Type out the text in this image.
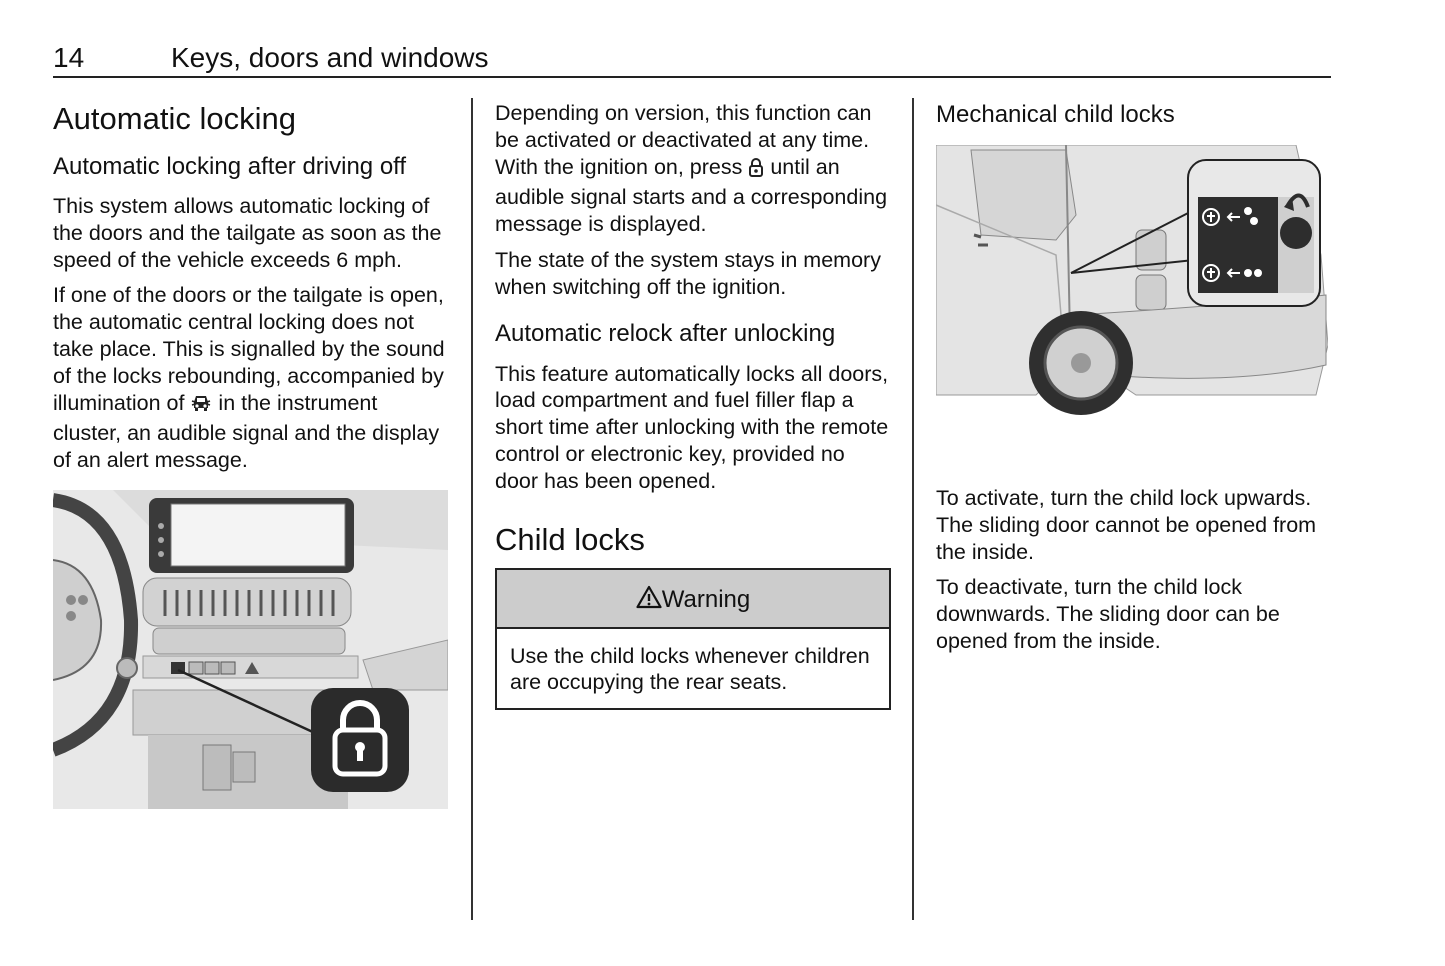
14	Keys, doors and windows
Automatic locking
Automatic locking after driving off

This system allows automatic locking of the doors and the tailgate as soon as the speed of the vehicle exceeds 6 mph.

If one of the doors or the tailgate is open, the automatic central locking does not take place. This is signalled by the sound of the locks rebounding, accompanied by illumination of  in the instrument cluster, an audible signal and the display of an alert message.

Depending on version, this function can be activated or deactivated at any time. With the ignition on, press  until an audible signal starts and a corresponding message is displayed.

The state of the system stays in memory when switching off the ignition.

Automatic relock after unlocking

This feature automatically locks all doors, load compartment and fuel filler flap a short time after unlocking with the remote control or electronic key, provided no door has been opened.

Child locks
Warning
Use the child locks whenever children are occupying the rear seats.
Mechanical child locks

To activate, turn the child lock upwards. The sliding door cannot be opened from the inside.

To deactivate, turn the child lock downwards. The sliding door can be opened from the inside.
